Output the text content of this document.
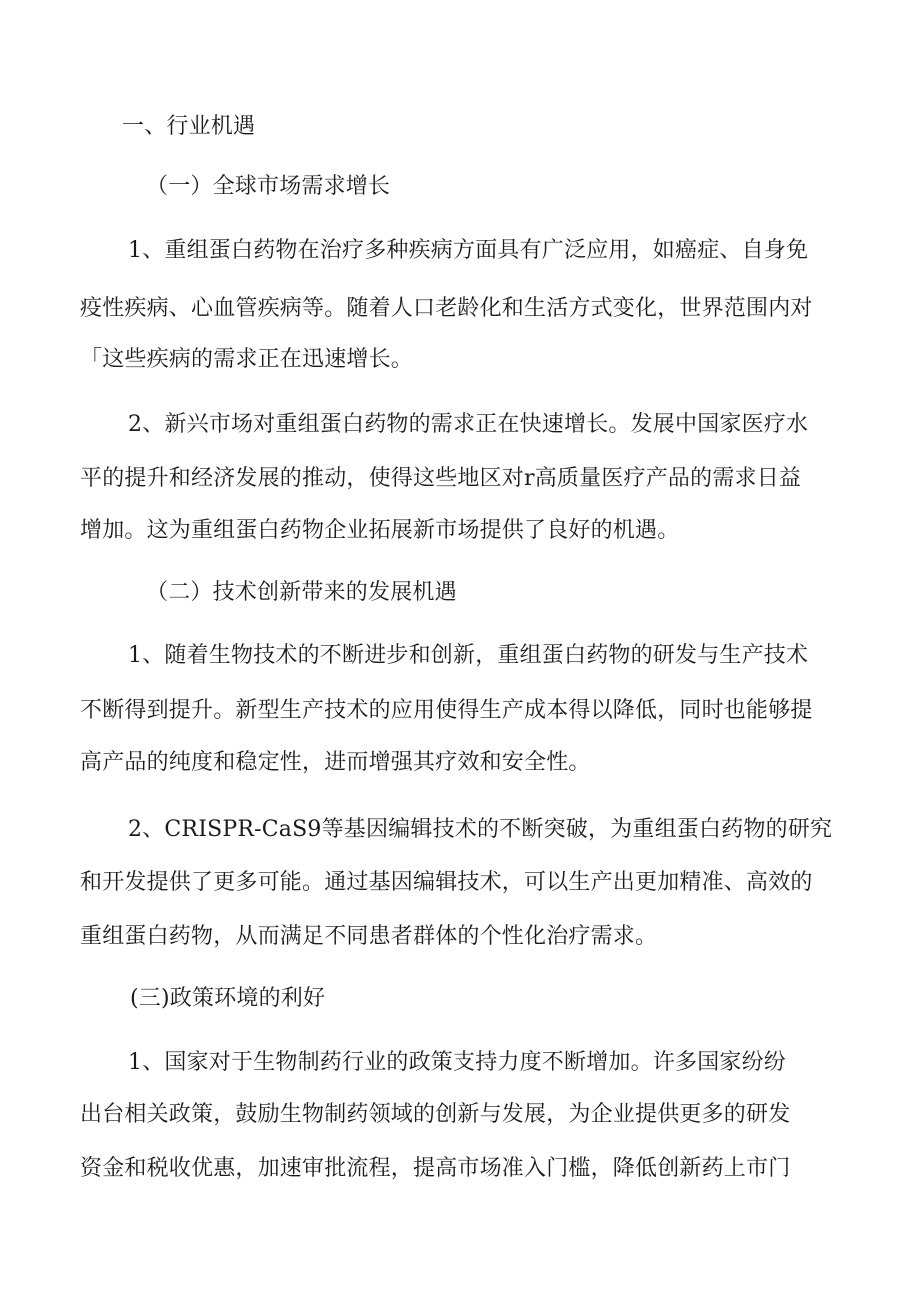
一、行业机遇
（一）全球市场需求增长
1、重组蛋白药物在治疗多种疾病方面具有广泛应用，如癌症、自身免
疫性疾病、心血管疾病等。随着人口老龄化和生活方式变化，世界范围内对
「这些疾病的需求正在迅速增长。
2、新兴市场对重组蛋白药物的需求正在快速增长。发展中国家医疗水
平的提升和经济发展的推动，使得这些地区对r高质量医疗产品的需求日益
增加。这为重组蛋白药物企业拓展新市场提供了良好的机遇。
（二）技术创新带来的发展机遇
1、随着生物技术的不断进步和创新，重组蛋白药物的研发与生产技术
不断得到提升。新型生产技术的应用使得生产成本得以降低，同时也能够提
高产品的纯度和稳定性，进而增强其疗效和安全性。
2、CRISPR-CaS9等基因编辑技术的不断突破，为重组蛋白药物的研究
和开发提供了更多可能。通过基因编辑技术，可以生产出更加精准、高效的
重组蛋白药物，从而满足不同患者群体的个性化治疗需求。
(三)政策环境的利好
1、国家对于生物制药行业的政策支持力度不断增加。许多国家纷纷
出台相关政策，鼓励生物制药领域的创新与发展，为企业提供更多的研发
资金和税收优惠，加速审批流程，提高市场准入门槛，降低创新药上市门
